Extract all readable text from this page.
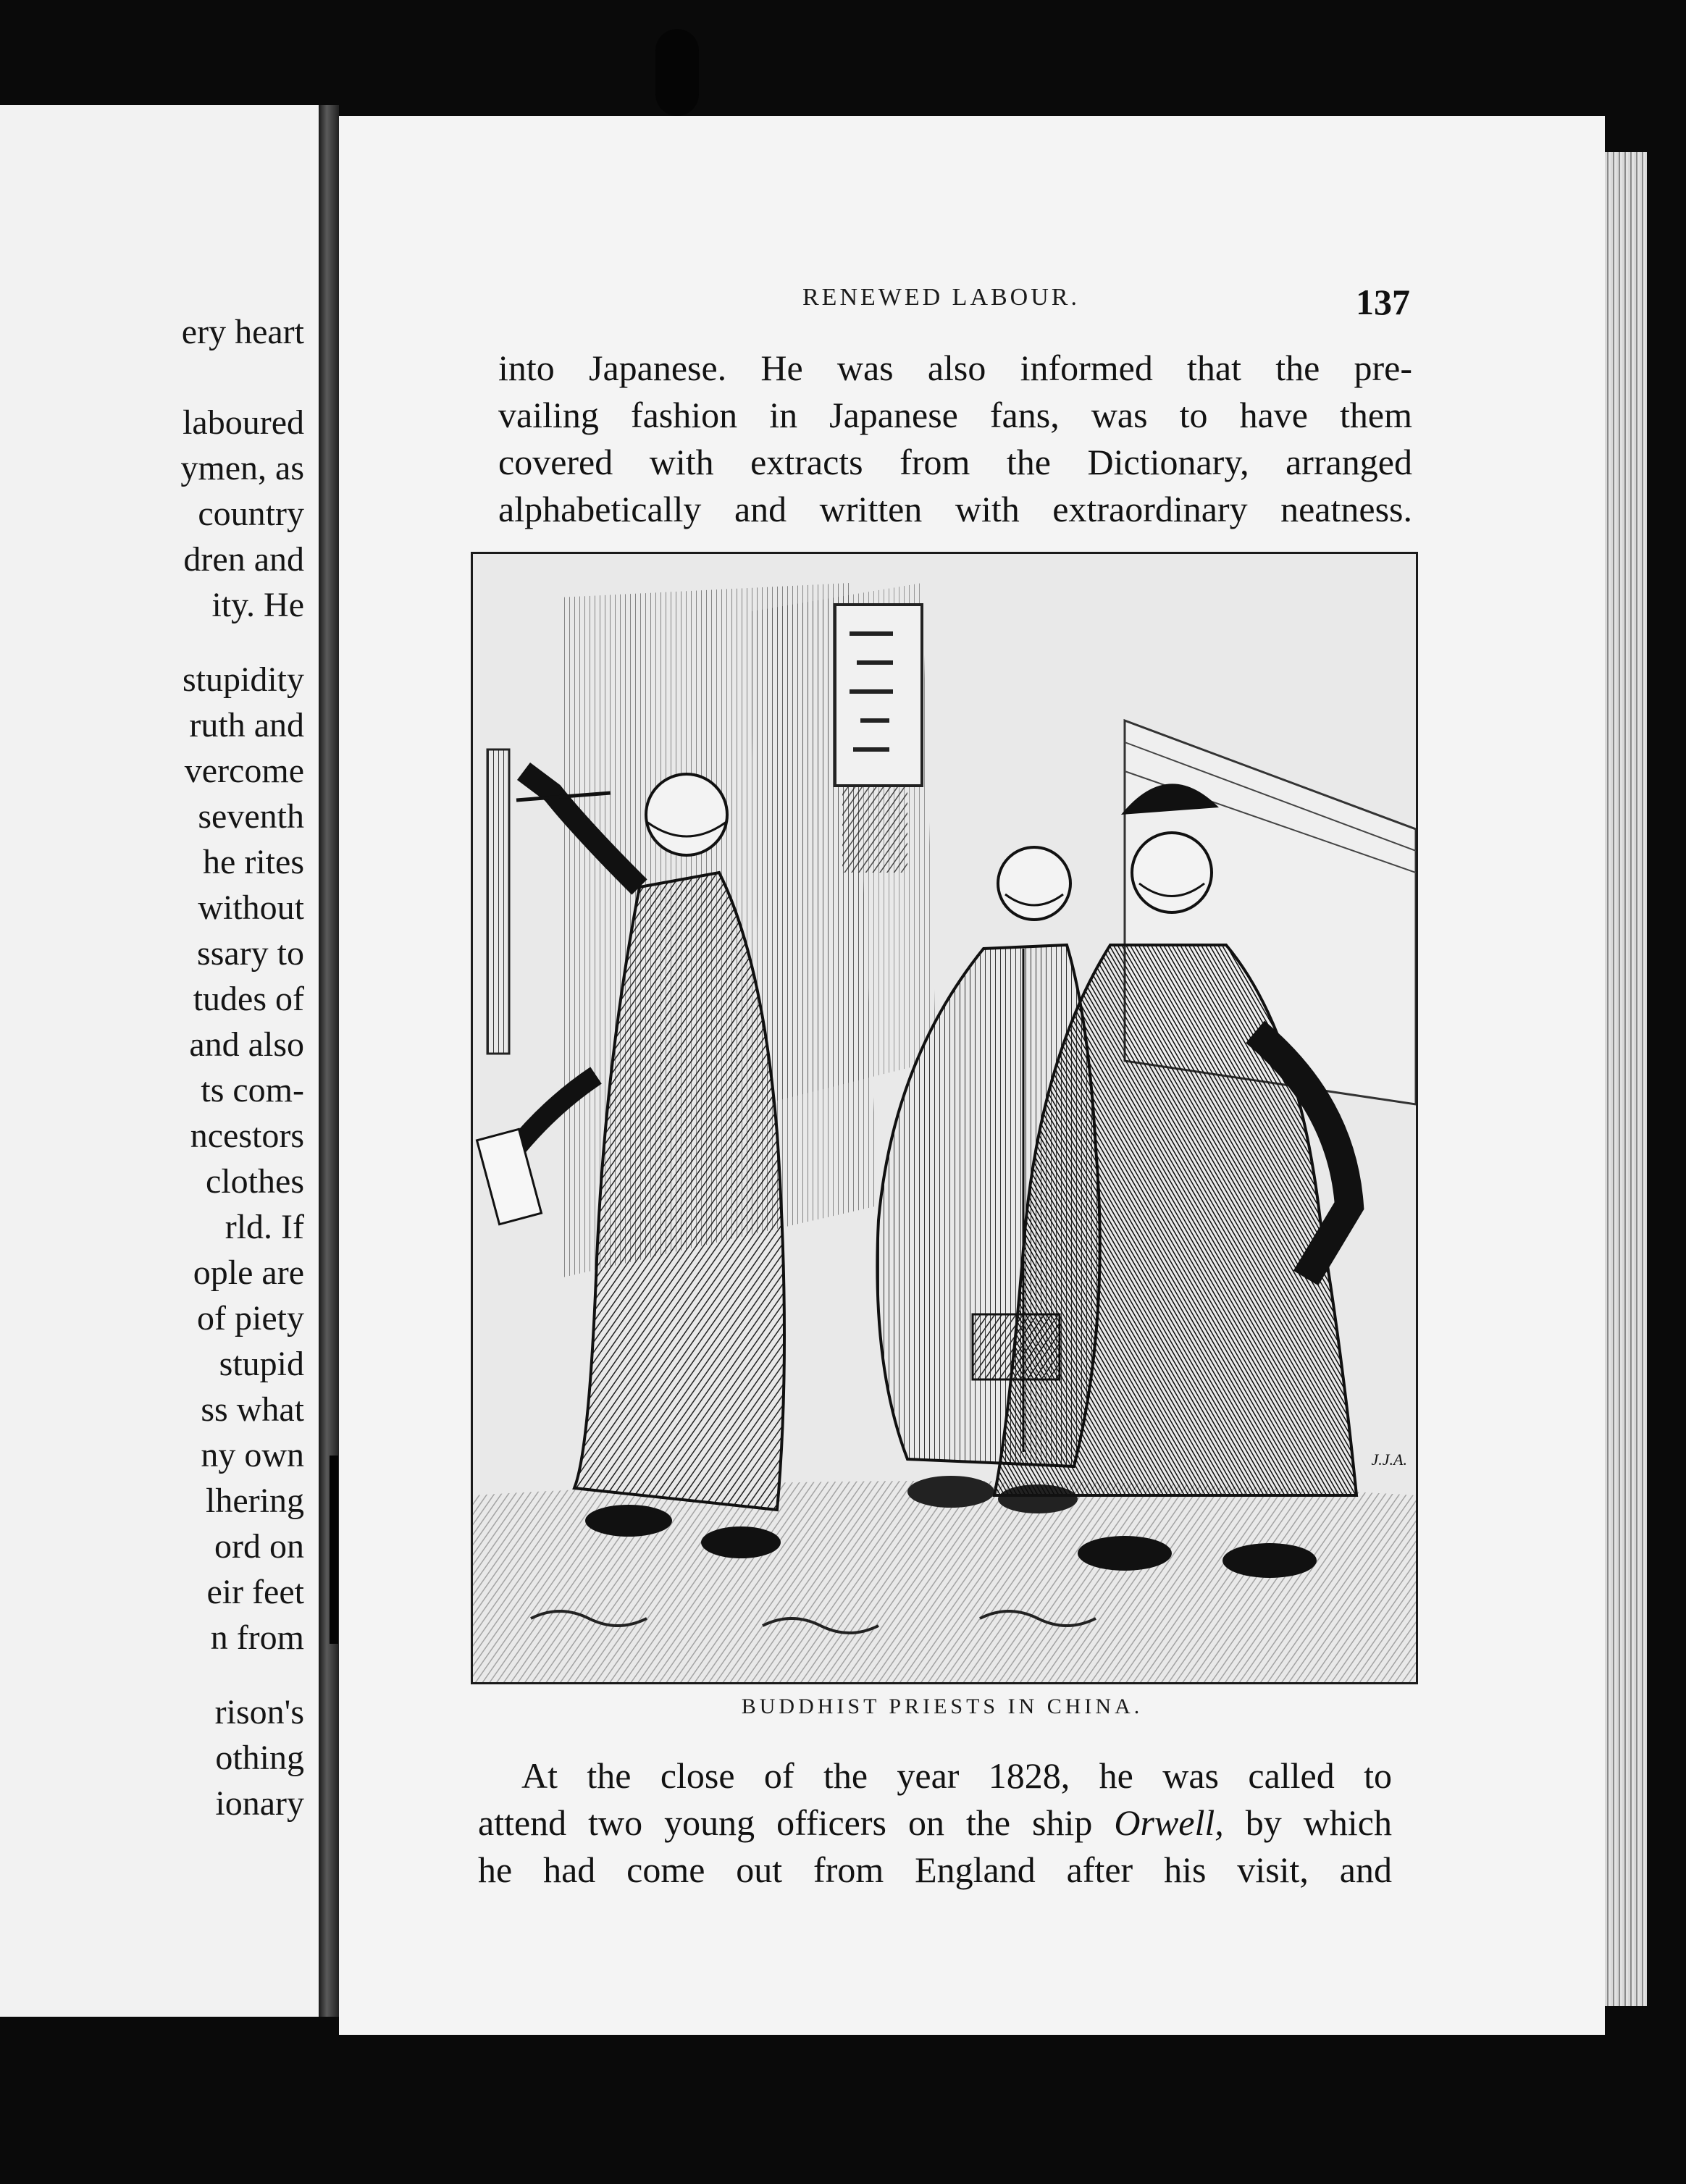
ery heart
laboured
ymen, as
country
dren and
ity. He
stupidity
ruth and
vercome
seventh
he rites
without
ssary to
tudes of
and also
ts com-
ncestors
clothes
rld. If
ople are
of piety
stupid
ss what
ny own
lhering
ord on
eir feet
n from
rison's
othing
ionary
RENEWED LABOUR.	137
into Japanese. He was also informed that the pre-
vailing fashion in Japanese fans, was to have them
covered with extracts from the Dictionary, arranged
alphabetically and written with extraordinary neatness.
J.J.A.
BUDDHIST PRIESTS IN CHINA.
At the close of the year 1828, he was called to
attend two young officers on the ship Orwell, by which
he had come out from England after his visit, and
